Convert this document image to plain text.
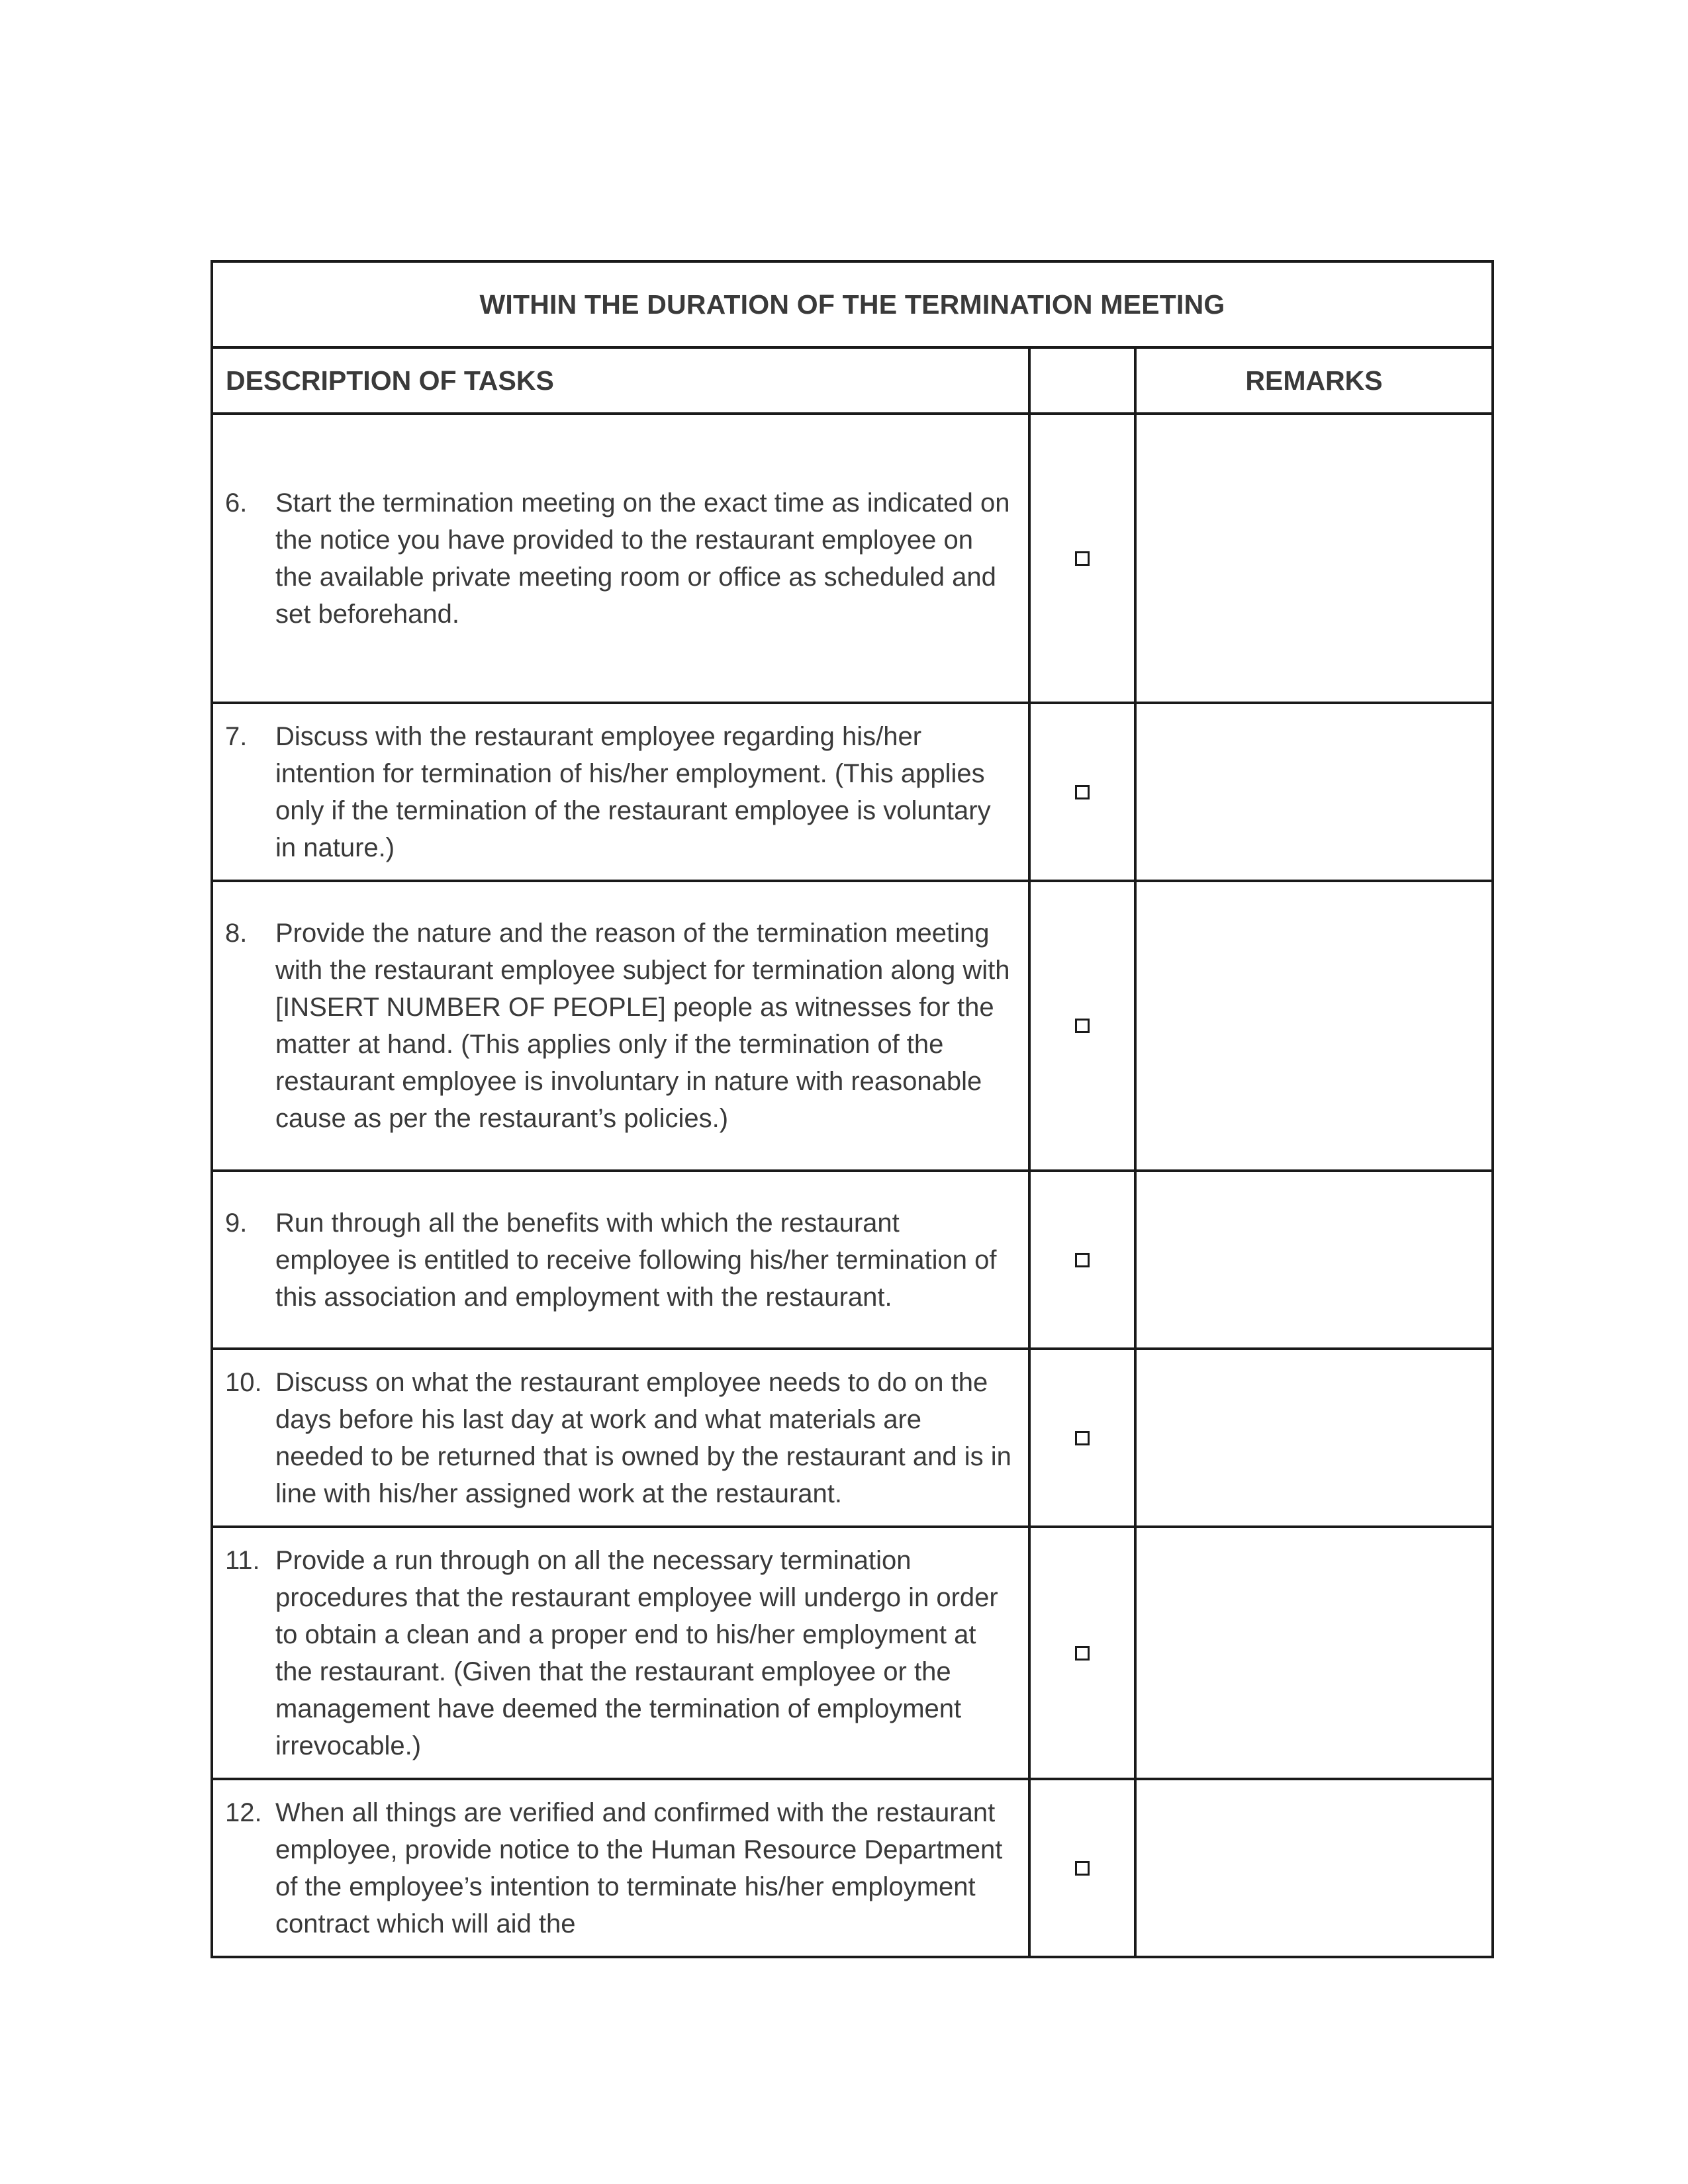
WITHIN THE DURATION OF THE TERMINATION MEETING		
DESCRIPTION OF TASKS		REMARKS

6. Start the termination meeting on the exact time as indicated on the notice you have provided to the restaurant employee on the available private meeting room or office as scheduled and set beforehand.		

7. Discuss with the restaurant employee regarding his/her intention for termination of his/her employment. (This applies only if the termination of the restaurant employee is voluntary in nature.)		

8. Provide the nature and the reason of the termination meeting with the restaurant employee subject for termination along with [INSERT NUMBER OF PEOPLE] people as witnesses for the matter at hand. (This applies only if the termination of the restaurant employee is involuntary in nature with reasonable cause as per the restaurant’s policies.)		

9. Run through all the benefits with which the restaurant employee is entitled to receive following his/her termination of this association and employment with the restaurant.		

10. Discuss on what the restaurant employee needs to do on the days before his last day at work and what materials are needed to be returned that is owned by the restaurant and is in line with his/her assigned work at the restaurant.		

11. Provide a run through on all the necessary termination procedures that the restaurant employee will undergo in order to obtain a clean and a proper end to his/her employment at the restaurant. (Given that the restaurant employee or the management have deemed the termination of employment irrevocable.)		

12. When all things are verified and confirmed with the restaurant employee, provide notice to the Human Resource Department of the employee’s intention to terminate his/her employment contract which will aid the		
